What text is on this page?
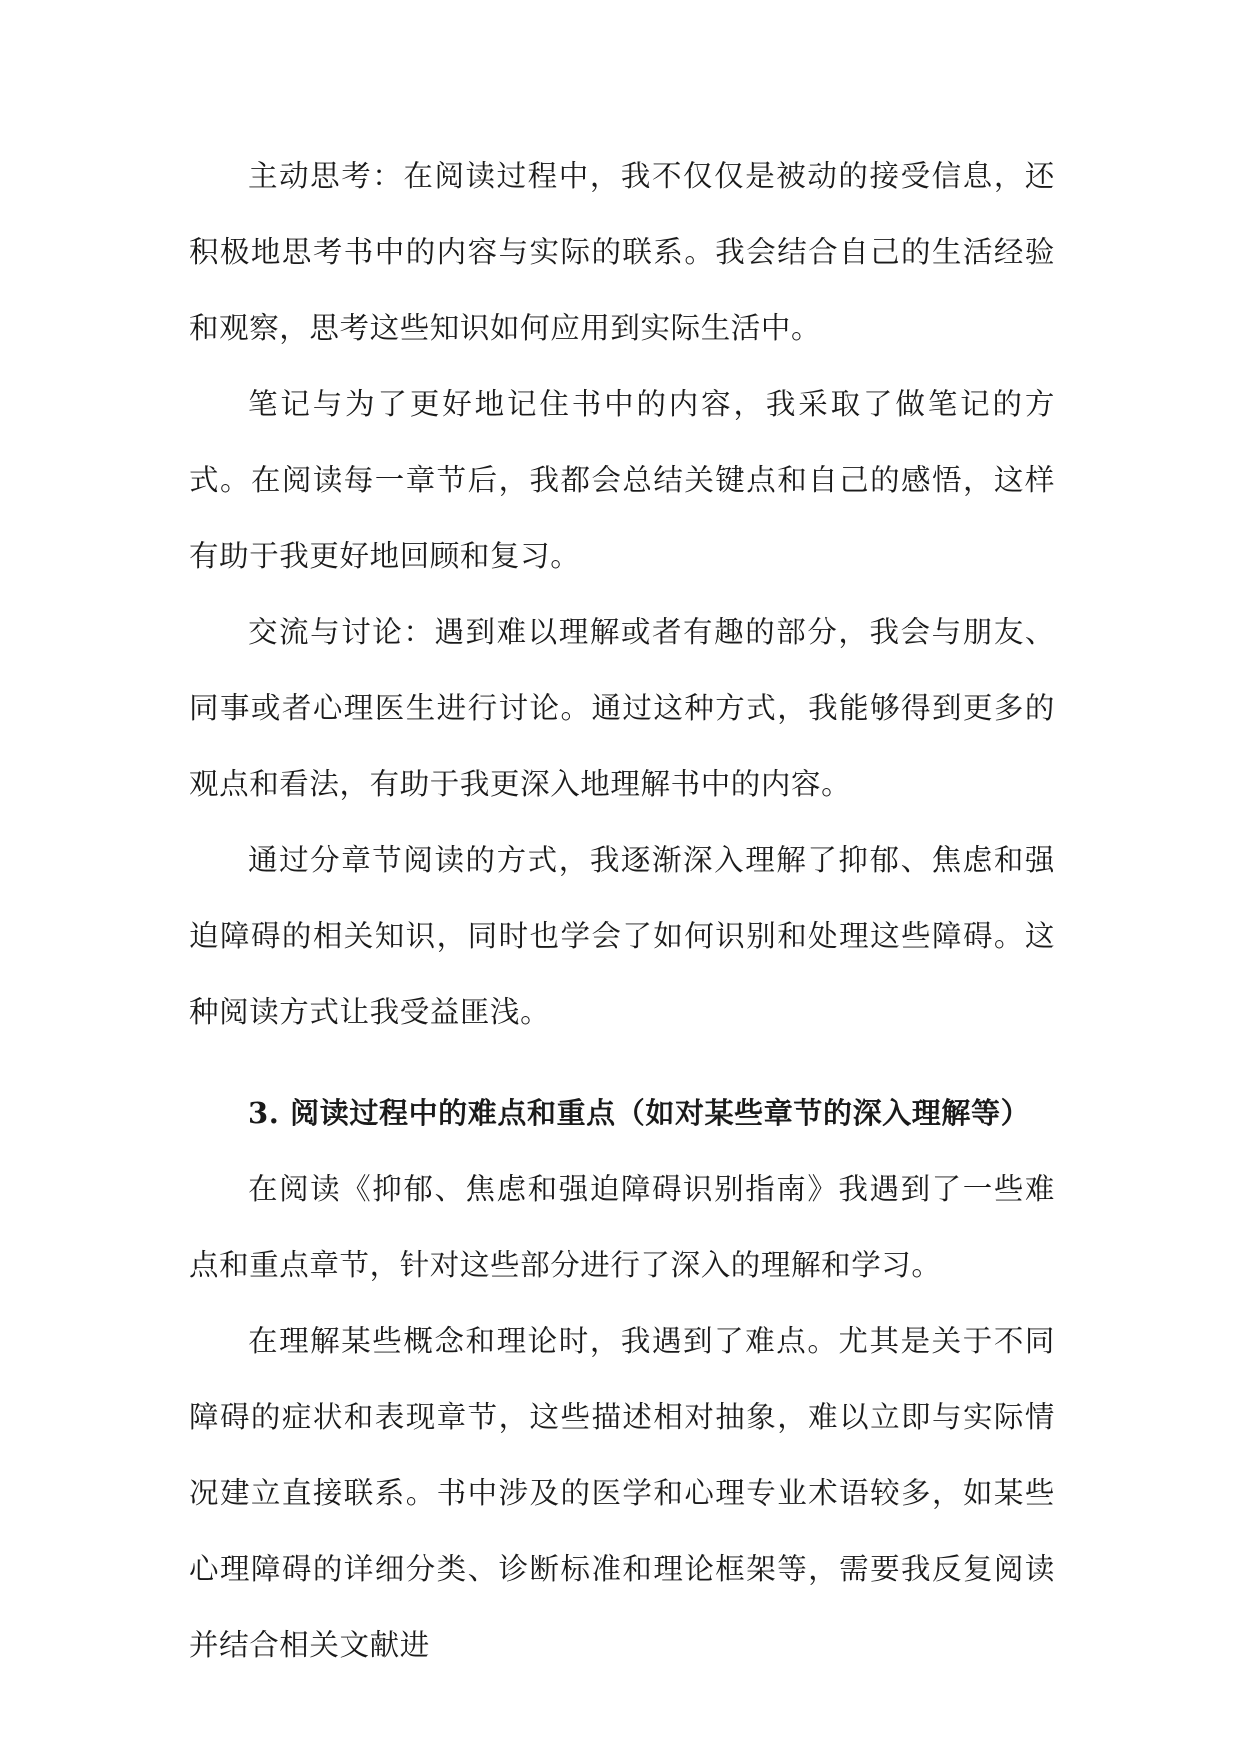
主动思考：在阅读过程中，我不仅仅是被动的接受信息，还积极地思考书中的内容与实际的联系。我会结合自己的生活经验和观察，思考这些知识如何应用到实际生活中。

笔记与为了更好地记住书中的内容，我采取了做笔记的方式。在阅读每一章节后，我都会总结关键点和自己的感悟，这样有助于我更好地回顾和复习。

交流与讨论：遇到难以理解或者有趣的部分，我会与朋友、同事或者心理医生进行讨论。通过这种方式，我能够得到更多的观点和看法，有助于我更深入地理解书中的内容。

通过分章节阅读的方式，我逐渐深入理解了抑郁、焦虑和强迫障碍的相关知识，同时也学会了如何识别和处理这些障碍。这种阅读方式让我受益匪浅。

3. 阅读过程中的难点和重点（如对某些章节的深入理解等）

在阅读《抑郁、焦虑和强迫障碍识别指南》我遇到了一些难点和重点章节，针对这些部分进行了深入的理解和学习。

在理解某些概念和理论时，我遇到了难点。尤其是关于不同障碍的症状和表现章节，这些描述相对抽象，难以立即与实际情况建立直接联系。书中涉及的医学和心理专业术语较多，如某些心理障碍的详细分类、诊断标准和理论框架等，需要我反复阅读并结合相关文献进
